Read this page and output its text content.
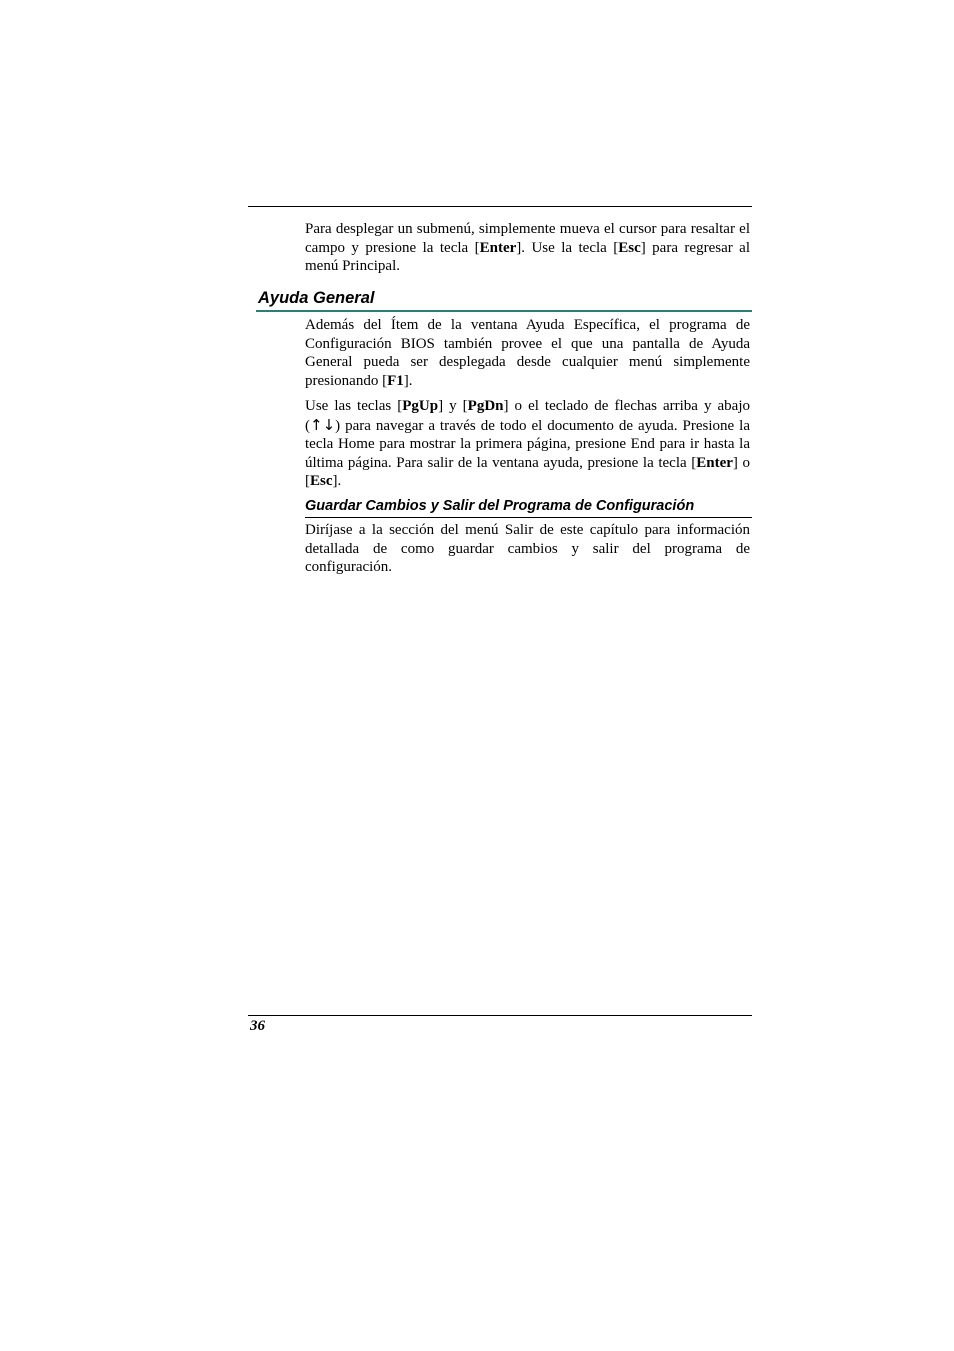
Para desplegar un submenú, simplemente mueva el cursor para resaltar el campo y presione la tecla [Enter]. Use la tecla [Esc] para regresar al menú Principal.

Ayuda General

Además del Ítem de la ventana Ayuda Específica, el programa de Configuración BIOS también provee el que una pantalla de Ayuda General pueda ser desplegada desde cualquier menú simplemente presionando [F1].

Use las teclas [PgUp] y [PgDn] o el teclado de flechas arriba y abajo (↑↓) para navegar a través de todo el documento de ayuda. Presione la tecla Home para mostrar la primera página, presione End para ir hasta la última página. Para salir de la ventana ayuda, presione la tecla [Enter] o [Esc].

Guardar Cambios y Salir del Programa de Configuración

Diríjase a la sección del menú Salir de este capítulo para información detallada de como guardar cambios y salir del programa de configuración.

36
